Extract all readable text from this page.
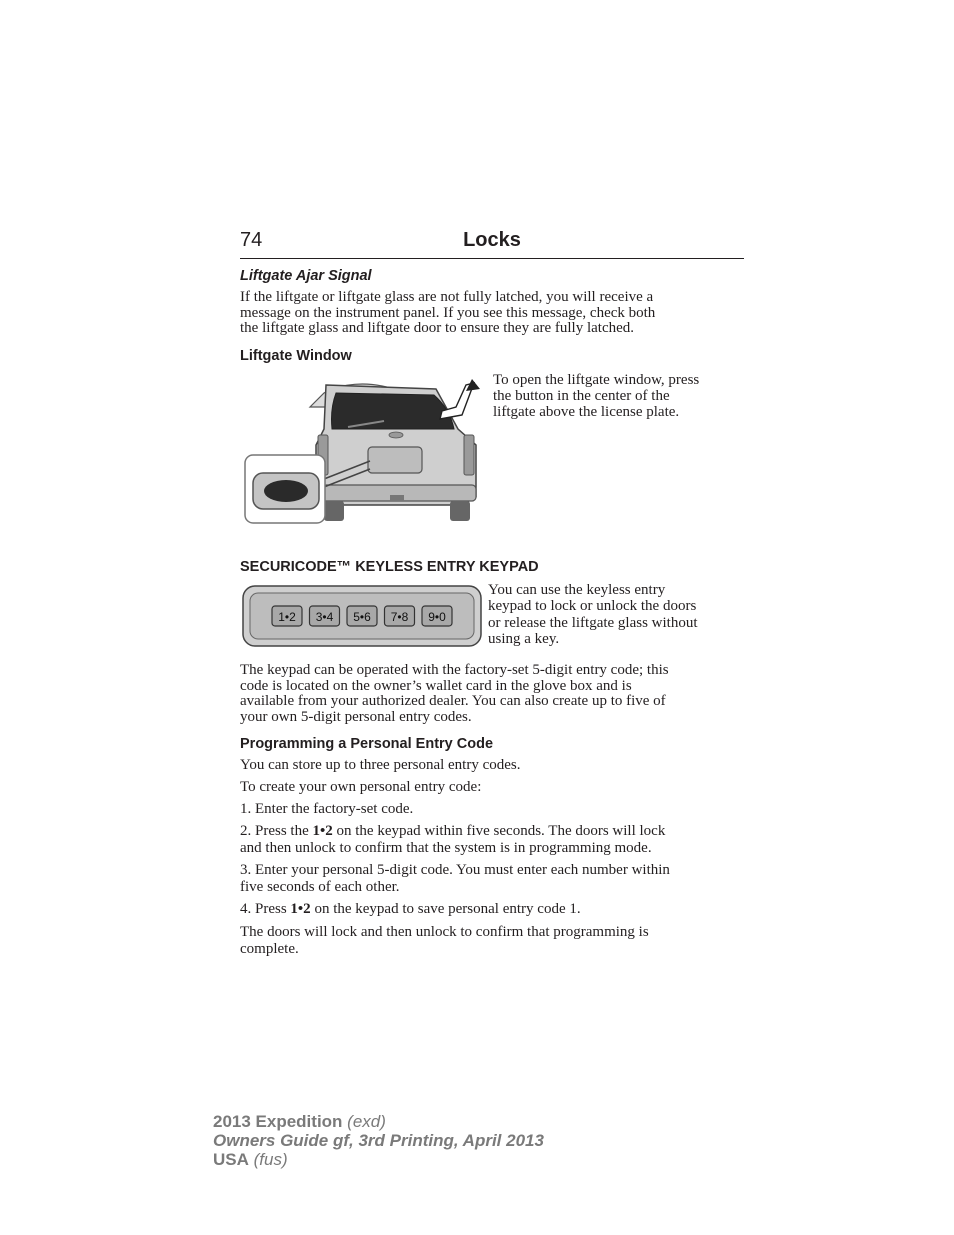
74	Locks
Liftgate Ajar Signal

If the liftgate or liftgate glass are not fully latched, you will receive a

message on the instrument panel. If you see this message, check both

the liftgate glass and liftgate door to ensure they are fully latched.

Liftgate Window

To open the liftgate window, press

the button in the center of the

liftgate above the license plate.

SECURICODE™ KEYLESS ENTRY KEYPAD
1•2 3•4 5•6 7•8 9•0

You can use the keyless entry

keypad to lock or unlock the doors

or release the liftgate glass without

using a key.

The keypad can be operated with the factory-set 5-digit entry code; this

code is located on the owner’s wallet card in the glove box and is

available from your authorized dealer. You can also create up to five of

your own 5-digit personal entry codes.

Programming a Personal Entry Code

You can store up to three personal entry codes.

To create your own personal entry code:

1. Enter the factory-set code.

2. Press the 1•2 on the keypad within five seconds. The doors will lock

and then unlock to confirm that the system is in programming mode.

3. Enter your personal 5-digit code. You must enter each number within

five seconds of each other.

4. Press 1•2 on the keypad to save personal entry code 1.

The doors will lock and then unlock to confirm that programming is

complete.

2013 Expedition (exd)
Owners Guide gf, 3rd Printing, April 2013
USA (fus)
